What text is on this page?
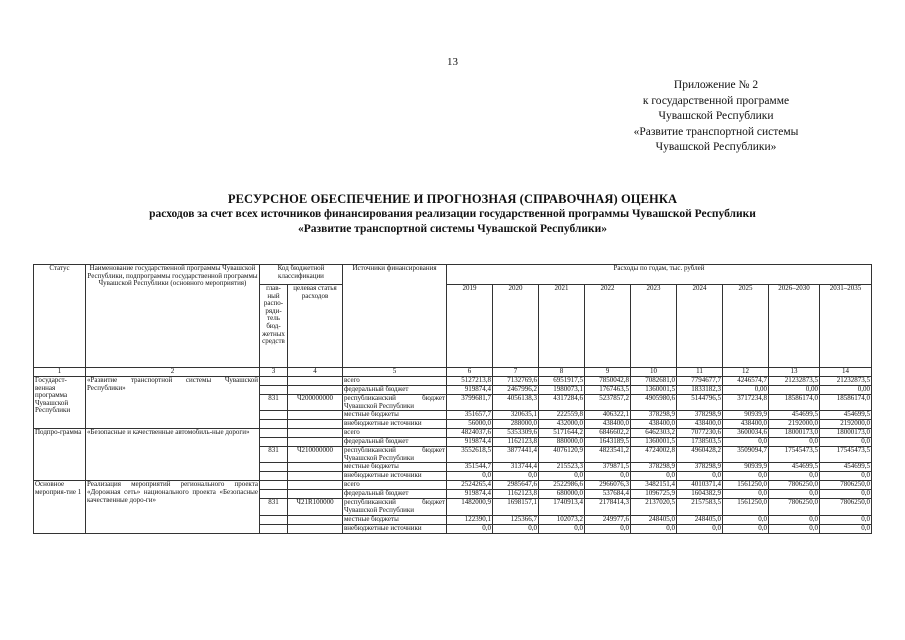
13
Приложение № 2
к государственной программе
Чувашской Республики
«Развитие транспортной системы
Чувашской Республики»
РЕСУРСНОЕ ОБЕСПЕЧЕНИЕ И ПРОГНОЗНАЯ (СПРАВОЧНАЯ) ОЦЕНКА
расходов за счет всех источников финансирования реализации государственной программы Чувашской Республики
«Развитие транспортной системы Чувашской Республики»
Статус	Наименование государственной программы Чувашской Республики, подпрограммы государственной программы Чувашской Республики (основного мероприятия)	Код бюджетной классификации		Источники финансирования	Расходы по годам, тыс. рублей								
		глав-ный распо-ряди-тель бюд-жетных средств	целевая статья расходов		2019	2020	2021	2022	2023	2024	2025	2026–2030	2031–2035
1	2	3	4	5	6	7	8	9	10	11	12	13	14
Государст-венная программа Чувашской Республики	«Развитие транспортной системы Чувашской Республики»			всего	5127213,8	7132769,6	6951917,5	7850042,8	7082681,0	7794677,7	4246574,7	21232873,5	21232873,5
				федеральный бюджет	919874,4	2467996,2	1980073,1	1767463,5	1360001,5	1833182,3	0,00	0,00	0,00
		831	Ч200000000	республиканский бюджет Чувашской Республики	3799681,7	4056138,3	4317284,6	5237857,2	4905980,6	5144796,5	3717234,8	18586174,0	18586174,0
				местные бюджеты	351657,7	320635,1	222559,8	406322,1	378298,9	378298,9	90939,9	454699,5	454699,5
				внебюджетные источники	56000,0	288000,0	432000,0	438400,0	438400,0	438400,0	438400,0	2192000,0	2192000,0
Подпро-грамма	«Безопасные и качественные автомобиль-ные дороги»			всего	4824037,6	5353309,6	5171644,2	6846602,2	6462303,2	7077230,6	3600034,6	18000173,0	18000173,0
				федеральный бюджет	919874,4	1162123,8	880000,0	1643189,5	1360001,5	1738503,5	0,0	0,0	0,0
		831	Ч210000000	республиканский бюджет Чувашской Республики	3552618,5	3877441,4	4076120,9	4823541,2	4724002,8	4960428,2	3509094,7	17545473,5	17545473,5
				местные бюджеты	351544,7	313744,4	215523,3	379871,5	378298,9	378298,9	90939,9	454699,5	454699,5
				внебюджетные источники	0,0	0,0	0,0	0,0	0,0	0,0	0,0	0,0	0,0
Основное мероприя-тие 1	Реализация мероприятий регионального проекта «Дорожная сеть» национального проекта «Безопасные качественные доро-ги»			всего	2524265,4	2985647,6	2522986,6	2966076,3	3482151,4	4010371,4	1561250,0	7806250,0	7806250,0
				федеральный бюджет	919874,4	1162123,8	680000,0	537684,4	1096725,9	1604382,9	0,0	0,0	0,0
		831	Ч21R100000	республиканский бюджет Чувашской Республики	1482000,9	1698157,1	1740913,4	2178414,3	2137020,5	2157583,5	1561250,0	7806250,0	7806250,0
				местные бюджеты	122390,1	125366,7	102073,2	249977,6	248405,0	248405,0	0,0	0,0	0,0
				внебюджетные источники	0,0	0,0	0,0	0,0	0,0	0,0	0,0	0,0	0,0
